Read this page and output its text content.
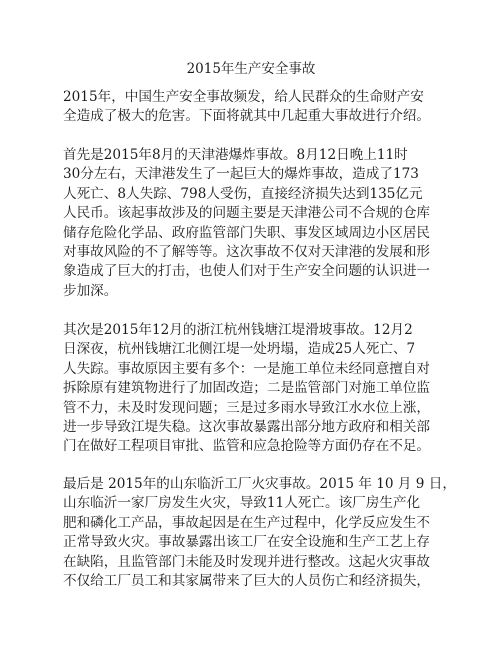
2015年生产安全事故
2015年，中国生产安全事故频发，给人民群众的生命财产安
全造成了极大的危害。下面将就其中几起重大事故进行介绍。
首先是2015年8月的天津港爆炸事故。8月12日晚上11时
30分左右，天津港发生了一起巨大的爆炸事故，造成了173
人死亡、8人失踪、798人受伤，直接经济损失达到135亿元
人民币。该起事故涉及的问题主要是天津港公司不合规的仓库
储存危险化学品、政府监管部门失职、事发区域周边小区居民
对事故风险的不了解等等。这次事故不仅对天津港的发展和形
象造成了巨大的打击，也使人们对于生产安全问题的认识进一
步加深。
其次是2015年12月的浙江杭州钱塘江堤滑坡事故。12月2
日深夜，杭州钱塘江北侧江堤一处坍塌，造成25人死亡、7
人失踪。事故原因主要有多个：一是施工单位未经同意擅自对
拆除原有建筑物进行了加固改造；二是监管部门对施工单位监
管不力，未及时发现问题；三是过多雨水导致江水水位上涨，
进一步导致江堤失稳。这次事故暴露出部分地方政府和相关部
门在做好工程项目审批、监管和应急抢险等方面仍存在不足。
最后是 2015年的山东临沂工厂火灾事故。2015 年 10 月 9 日，
山东临沂一家厂房发生火灾，导致11人死亡。该厂房生产化
肥和磷化工产品，事故起因是在生产过程中，化学反应发生不
正常导致火灾。事故暴露出该工厂在安全设施和生产工艺上存
在缺陷，且监管部门未能及时发现并进行整改。这起火灾事故
不仅给工厂员工和其家属带来了巨大的人员伤亡和经济损失，
